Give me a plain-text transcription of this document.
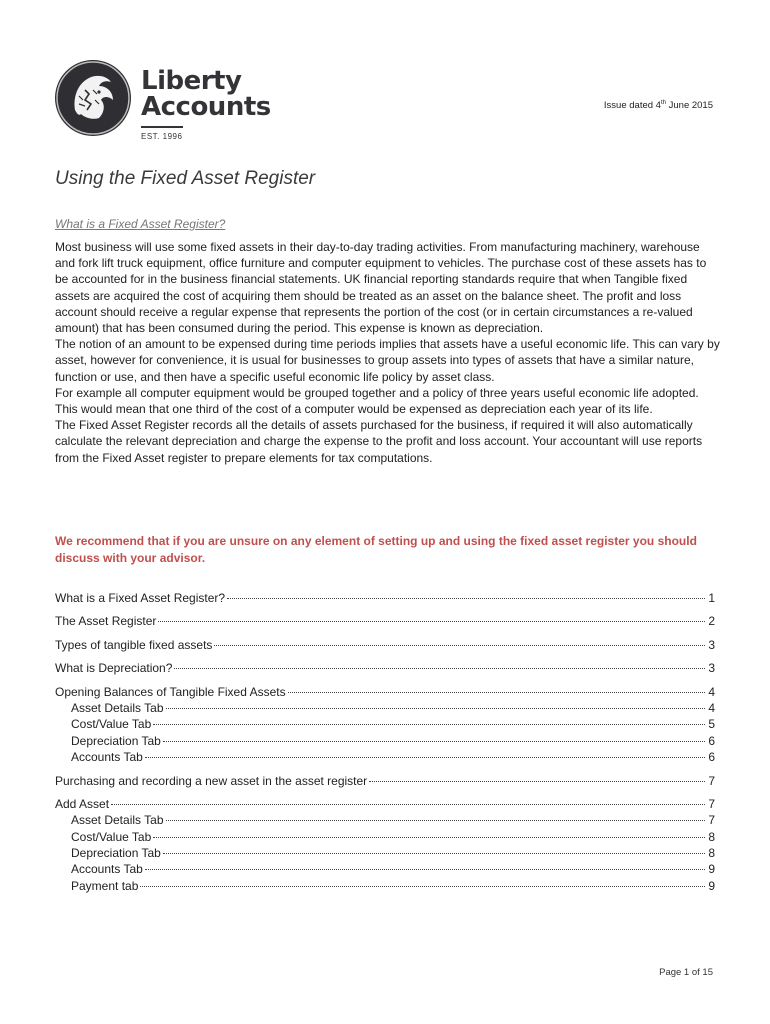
Liberty
Accounts
EST. 1996
Issue dated 4th June 2015
Using the Fixed Asset Register
What is a Fixed Asset Register?

Most business will use some fixed assets in their day-to-day trading activities. From manufacturing machinery, warehouse and fork lift truck equipment, office furniture and computer equipment to vehicles. The purchase cost of these assets has to be accounted for in the business financial statements. UK financial reporting standards require that when Tangible fixed assets are acquired the cost of acquiring them should be treated as an asset on the balance sheet. The profit and loss account should receive a regular expense that represents the portion of the cost (or in certain circumstances a re-valued amount) that has been consumed during the period. This expense is known as depreciation.

The notion of an amount to be expensed during time periods implies that assets have a useful economic life. This can vary by asset, however for convenience, it is usual for businesses to group assets into types of assets that have a similar nature, function or use, and then have a specific useful economic life policy by asset class.

For example all computer equipment would be grouped together and a policy of three years useful economic life adopted. This would mean that one third of the cost of a computer would be expensed as depreciation each year of its life.

The Fixed Asset Register records all the details of assets purchased for the business, if required it will also automatically calculate the relevant depreciation and charge the expense to the profit and loss account. Your accountant will use reports from the Fixed Asset register to prepare elements for tax computations.

We recommend that if you are unsure on any element of setting up and using the fixed asset register you should discuss with your advisor.
What is a Fixed Asset Register?	1
The Asset Register	2
Types of tangible fixed assets	3
What is Depreciation?	3
Opening Balances of Tangible Fixed Assets	4
Asset Details Tab	4
Cost/Value Tab	5
Depreciation Tab	6
Accounts Tab	6
Purchasing and recording a new asset in the asset register	7
Add Asset	7
Asset Details Tab	7
Cost/Value Tab	8
Depreciation Tab	8
Accounts Tab	9
Payment tab	9
Page 1 of 15
